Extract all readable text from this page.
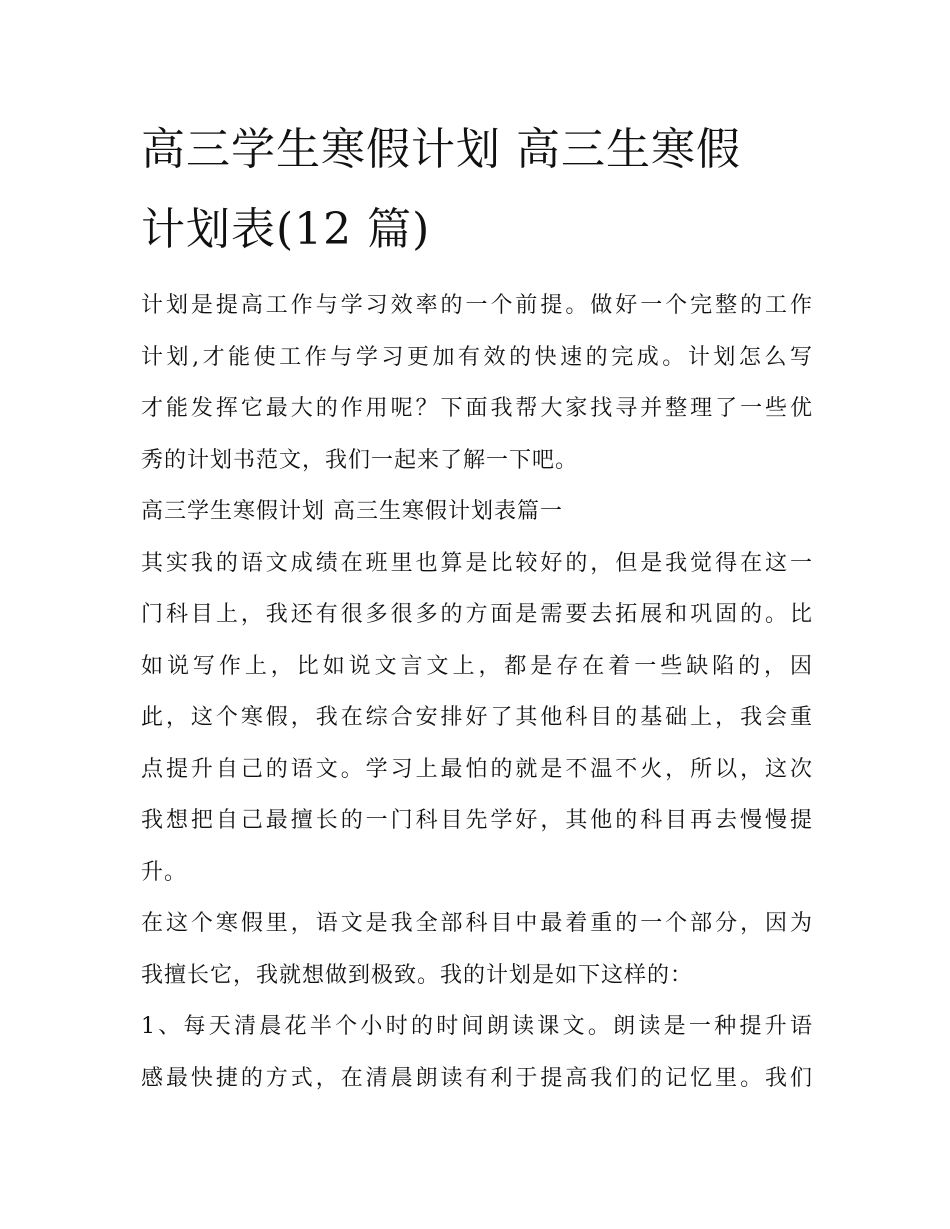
高三学生寒假计划 高三生寒假
计划表(12 篇)
计划是提高工作与学习效率的一个前提。做好一个完整的工作
计划,才能使工作与学习更加有效的快速的完成。计划怎么写
才能发挥它最大的作用呢？下面我帮大家找寻并整理了一些优
秀的计划书范文，我们一起来了解一下吧。
高三学生寒假计划 高三生寒假计划表篇一
其实我的语文成绩在班里也算是比较好的，但是我觉得在这一
门科目上，我还有很多很多的方面是需要去拓展和巩固的。比
如说写作上，比如说文言文上，都是存在着一些缺陷的，因
此，这个寒假，我在综合安排好了其他科目的基础上，我会重
点提升自己的语文。学习上最怕的就是不温不火，所以，这次
我想把自己最擅长的一门科目先学好，其他的科目再去慢慢提
升。
在这个寒假里，语文是我全部科目中最着重的一个部分，因为
我擅长它，我就想做到极致。我的计划是如下这样的：
1、每天清晨花半个小时的时间朗读课文。朗读是一种提升语
感最快捷的方式，在清晨朗读有利于提高我们的记忆里。我们
